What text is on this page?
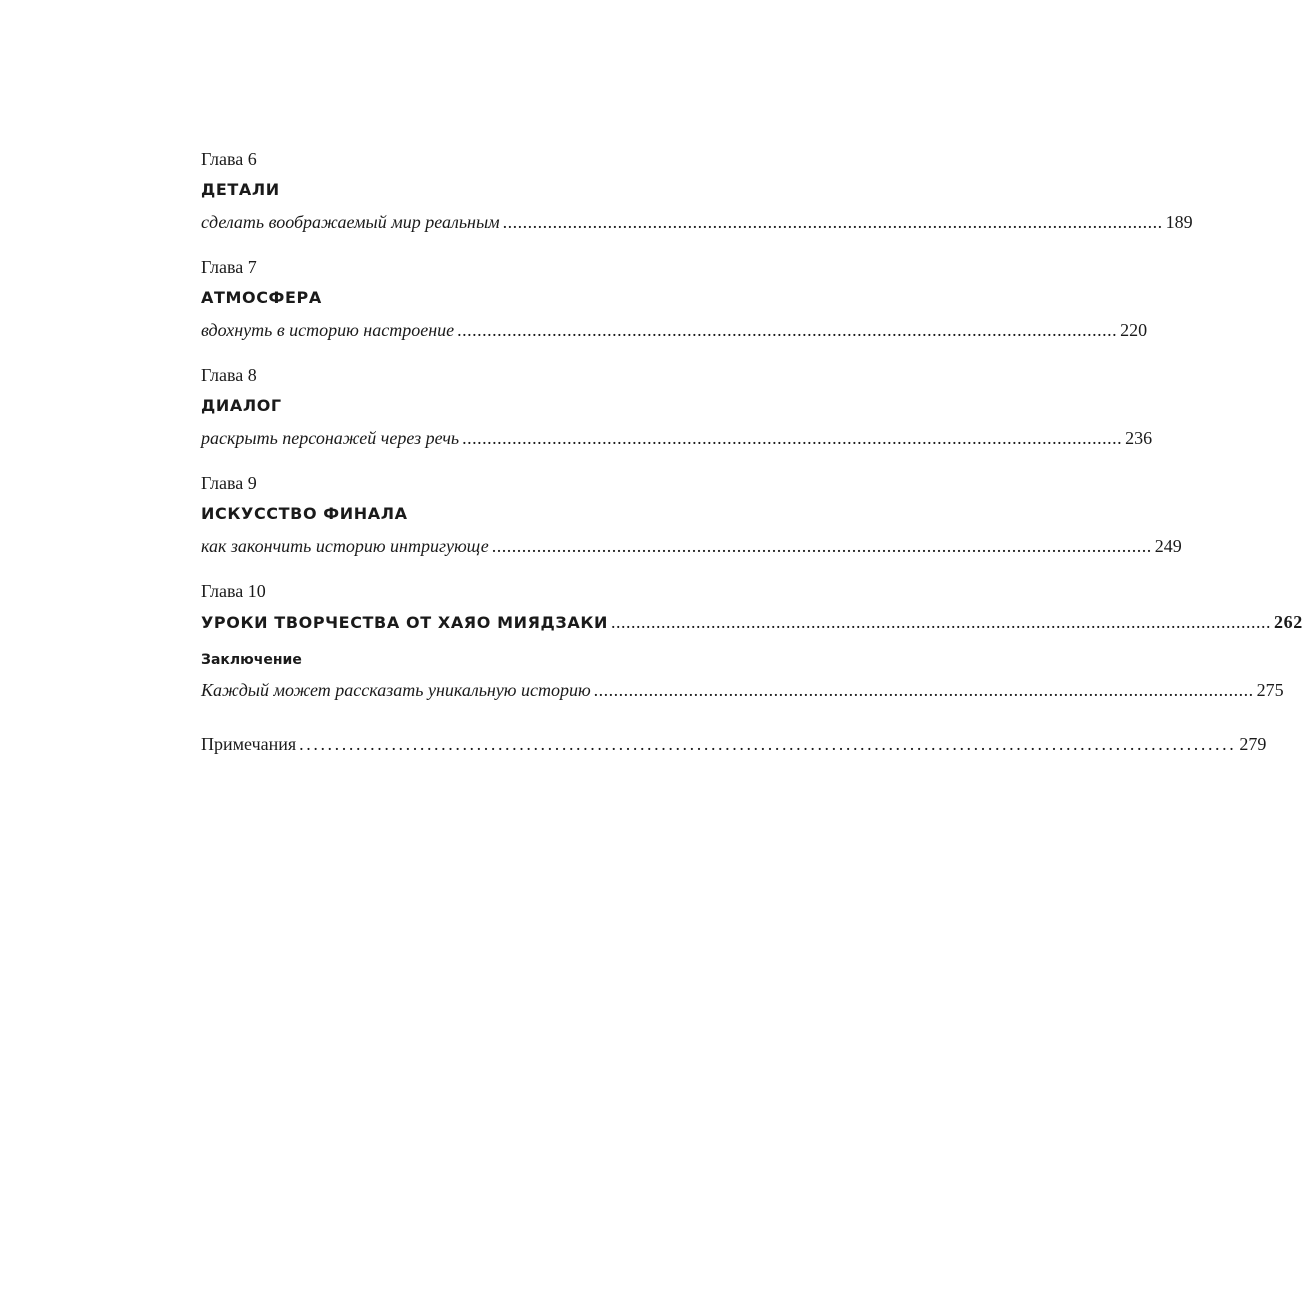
Глава 6
ДЕТАЛИ
сделать воображаемый мир реальным .................................................................................................................................... 189
Глава 7
АТМОСФЕРА
вдохнуть в историю настроение .................................................................................................................................... 220
Глава 8
ДИАЛОГ
раскрыть персонажей через речь .................................................................................................................................... 236
Глава 9
ИСКУССТВО ФИНАЛА
как закончить историю интригующе .................................................................................................................................... 249
Глава 10
УРОКИ ТВОРЧЕСТВА ОТ ХАЯО МИЯДЗАКИ .................................................................................................................................... 262
Заключение
Каждый может рассказать уникальную историю .................................................................................................................................... 275
Примечания .................................................................................................................................... 279
